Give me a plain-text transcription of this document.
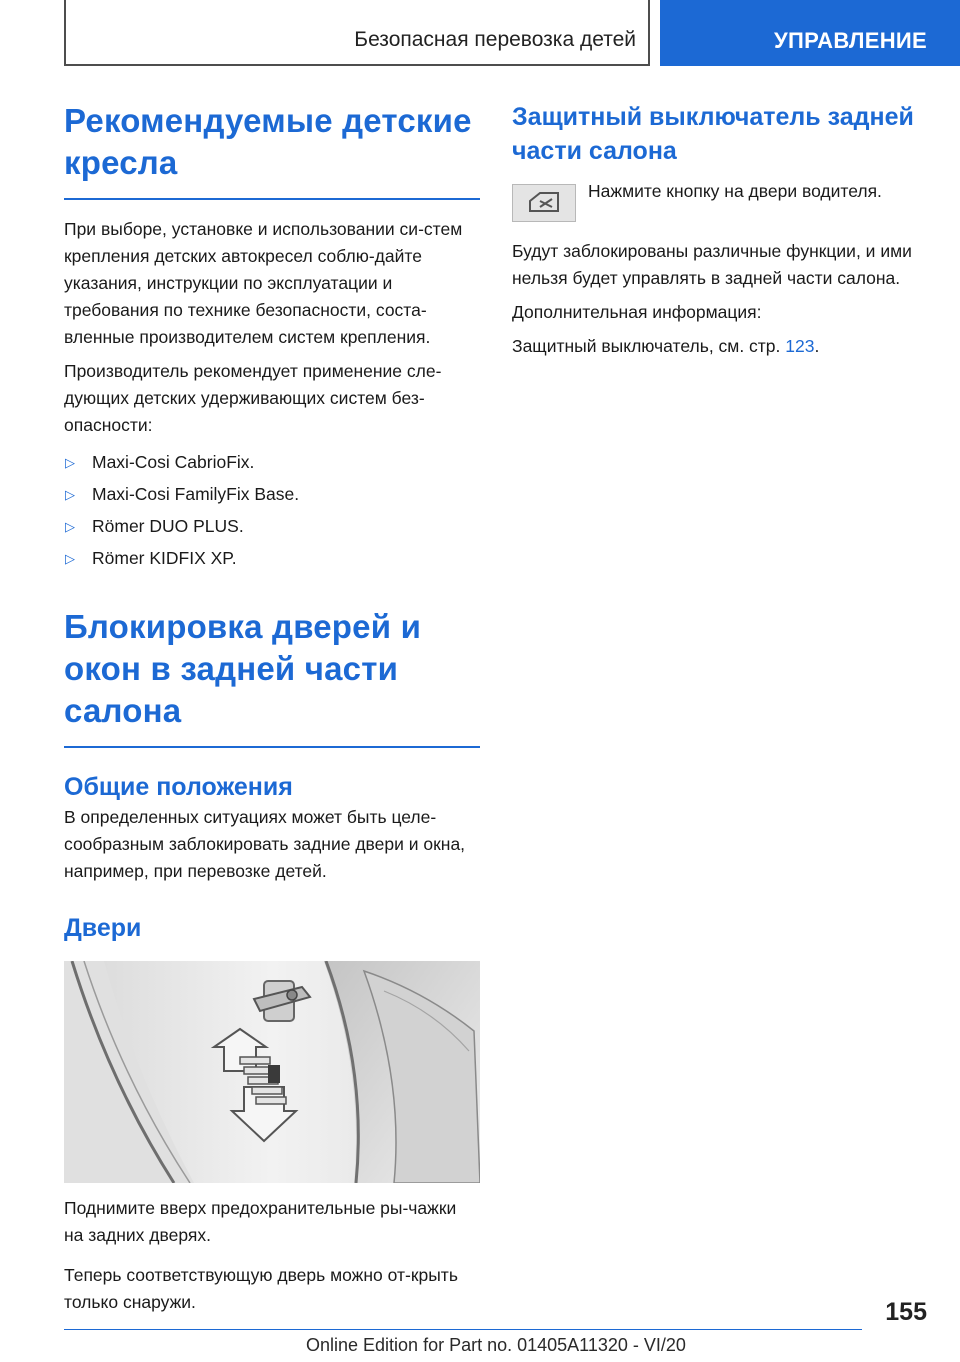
Безопасная перевозка детей	УПРАВЛЕНИЕ
Рекомендуемые детские кресла

При выборе, установке и использовании си-стем крепления детских автокресел соблю-дайте указания, инструкции по эксплуатации и требования по технике безопасности, соста-вленные производителем систем крепления.

Производитель рекомендует применение сле-дующих детских удерживающих систем без-опасности:

▷ Maxi-Cosi CabrioFix.
▷ Maxi-Cosi FamilyFix Base.
▷ Römer DUO PLUS.
▷ Römer KIDFIX XP.
Блокировка дверей и окон в задней части салона
Общие положения

В определенных ситуациях может быть целе-сообразным заблокировать задние двери и окна, например, при перевозке детей.

Двери

Поднимите вверх предохранительные ры-чажки на задних дверях.

Теперь соответствующую дверь можно от-крыть только снаружи.

Защитный выключатель задней части салона
Нажмите кнопку на двери водителя.

Будут заблокированы различные функции, и ими нельзя будет управлять в задней части салона.

Дополнительная информация:

Защитный выключатель, см. стр. 123.

155
Online Edition for Part no. 01405A11320 - VI/20
